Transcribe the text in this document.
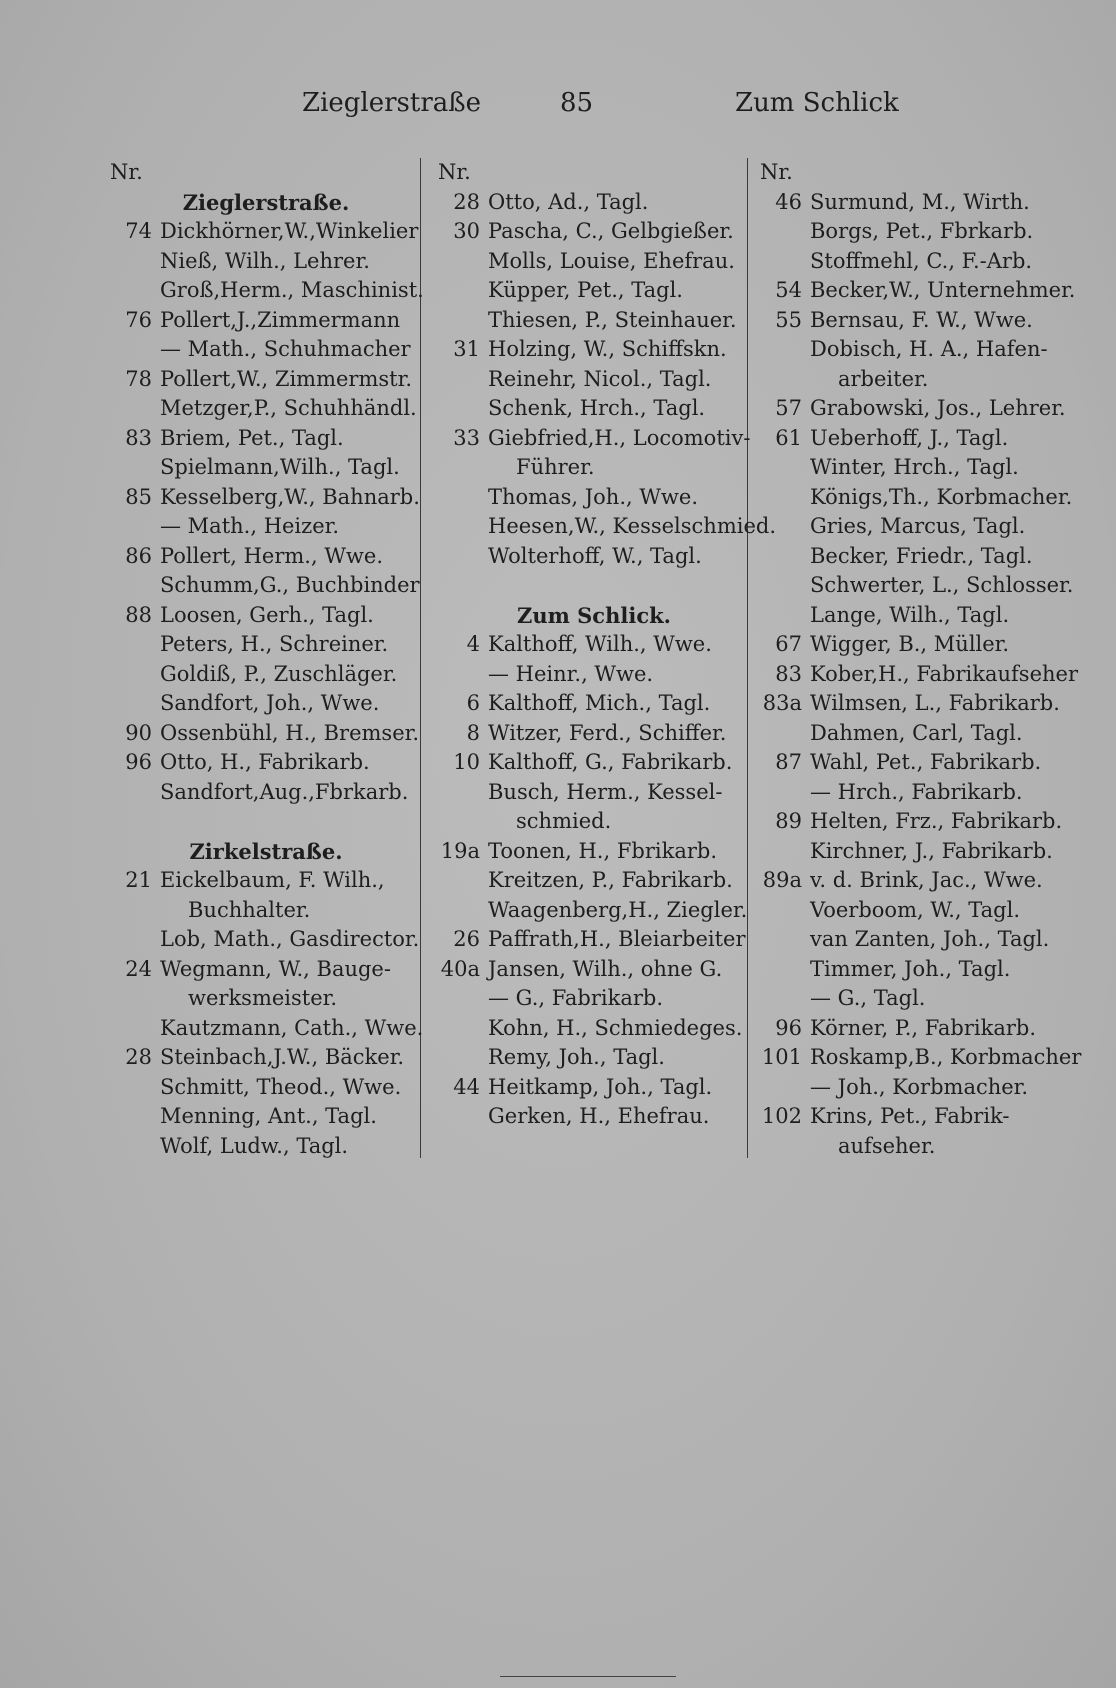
Zieglerstraße	85	Zum Schlick
Nr.
Zieglerstraße.
74 Dickhörner,W.,Winkelier
Nieß, Wilh., Lehrer.
Groß,Herm., Maschinist.
76 Pollert,J.,Zimmermann
— Math., Schuhmacher
78 Pollert,W., Zimmermstr.
Metzger,P., Schuhhändl.
83 Briem, Pet., Tagl.
Spielmann,Wilh., Tagl.
85 Kesselberg,W., Bahnarb.
— Math., Heizer.
86 Pollert, Herm., Wwe.
Schumm,G., Buchbinder
88 Loosen, Gerh., Tagl.
Peters, H., Schreiner.
Goldiß, P., Zuschläger.
Sandfort, Joh., Wwe.
90 Ossenbühl, H., Bremser.
96 Otto, H., Fabrikarb.
Sandfort,Aug.,Fbrkarb.
Zirkelstraße.
21 Eickelbaum, F. Wilh.,
Buchhalter.
Lob, Math., Gasdirector.
24 Wegmann, W., Bauge-
werksmeister.
Kautzmann, Cath., Wwe.
28 Steinbach,J.W., Bäcker.
Schmitt, Theod., Wwe.
Menning, Ant., Tagl.
Wolf, Ludw., Tagl.
Nr.
28 Otto, Ad., Tagl.
30 Pascha, C., Gelbgießer.
Molls, Louise, Ehefrau.
Küpper, Pet., Tagl.
Thiesen, P., Steinhauer.
31 Holzing, W., Schiffskn.
Reinehr, Nicol., Tagl.
Schenk, Hrch., Tagl.
33 Giebfried,H., Locomotiv-
Führer.
Thomas, Joh., Wwe.
Heesen,W., Kesselschmied.
Wolterhoff, W., Tagl.
Zum Schlick.
4 Kalthoff, Wilh., Wwe.
— Heinr., Wwe.
6 Kalthoff, Mich., Tagl.
8 Witzer, Ferd., Schiffer.
10 Kalthoff, G., Fabrikarb.
Busch, Herm., Kessel-
schmied.
19a Toonen, H., Fbrikarb.
Kreitzen, P., Fabrikarb.
Waagenberg,H., Ziegler.
26 Paffrath,H., Bleiarbeiter
40a Jansen, Wilh., ohne G.
— G., Fabrikarb.
Kohn, H., Schmiedeges.
Remy, Joh., Tagl.
44 Heitkamp, Joh., Tagl.
Gerken, H., Ehefrau.
Nr.
46 Surmund, M., Wirth.
Borgs, Pet., Fbrkarb.
Stoffmehl, C., F.-Arb.
54 Becker,W., Unternehmer.
55 Bernsau, F. W., Wwe.
Dobisch, H. A., Hafen-
arbeiter.
57 Grabowski, Jos., Lehrer.
61 Ueberhoff, J., Tagl.
Winter, Hrch., Tagl.
Königs,Th., Korbmacher.
Gries, Marcus, Tagl.
Becker, Friedr., Tagl.
Schwerter, L., Schlosser.
Lange, Wilh., Tagl.
67 Wigger, B., Müller.
83 Kober,H., Fabrikaufseher
83a Wilmsen, L., Fabrikarb.
Dahmen, Carl, Tagl.
87 Wahl, Pet., Fabrikarb.
— Hrch., Fabrikarb.
89 Helten, Frz., Fabrikarb.
Kirchner, J., Fabrikarb.
89a v. d. Brink, Jac., Wwe.
Voerboom, W., Tagl.
van Zanten, Joh., Tagl.
Timmer, Joh., Tagl.
— G., Tagl.
96 Körner, P., Fabrikarb.
101 Roskamp,B., Korbmacher
— Joh., Korbmacher.
102 Krins, Pet., Fabrik-
aufseher.
